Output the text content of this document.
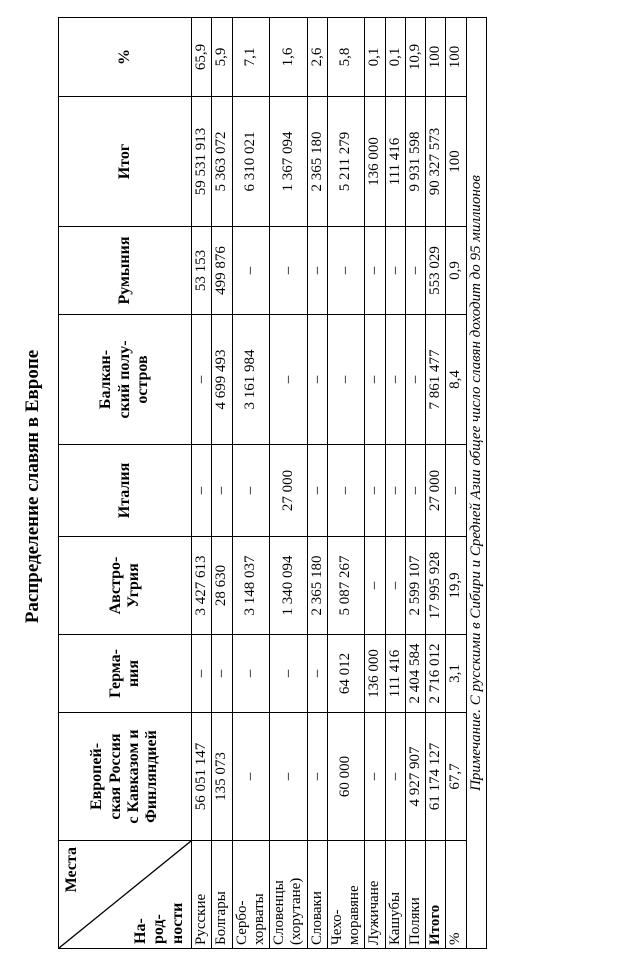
Распределение славян в Европе
Места
На-
род-
ности	Европей-
ская Россия
с Кавказом и
Финляндией	Герма-
ния	Австро-
Угрия	Италия	Балкан-
ский полу-
остров	Румыния	Итог	%
Русские	56 051 147	–	3 427 613	–	–	53 153	59 531 913	65,9
Болгары	135 073	–	28 630	–	4 699 493	499 876	5 363 072	5,9
Сербо-
хорваты	–	–	3 148 037	–	3 161 984	–	6 310 021	7,1
Словенцы
(хорутане)	–	–	1 340 094	27 000	–	–	1 367 094	1,6
Словаки	–	–	2 365 180	–	–	–	2 365 180	2,6
Чехо-
моравяне	60 000	64 012	5 087 267	–	–	–	5 211 279	5,8
Лужичане	–	136 000	–	–	–	–	136 000	0,1
Кашубы	–	111 416	–	–	–	–	111 416	0,1
Поляки	4 927 907	2 404 584	2 599 107	–	–	–	9 931 598	10,9
Итого	61 174 127	2 716 012	17 995 928	27 000	7 861 477	553 029	90 327 573	100
%	67,7	3,1	19,9	–	8,4	0,9	100	100
Примечание. С русскими в Сибири и Средней Азии общее число славян доходит до 95 миллионов								
